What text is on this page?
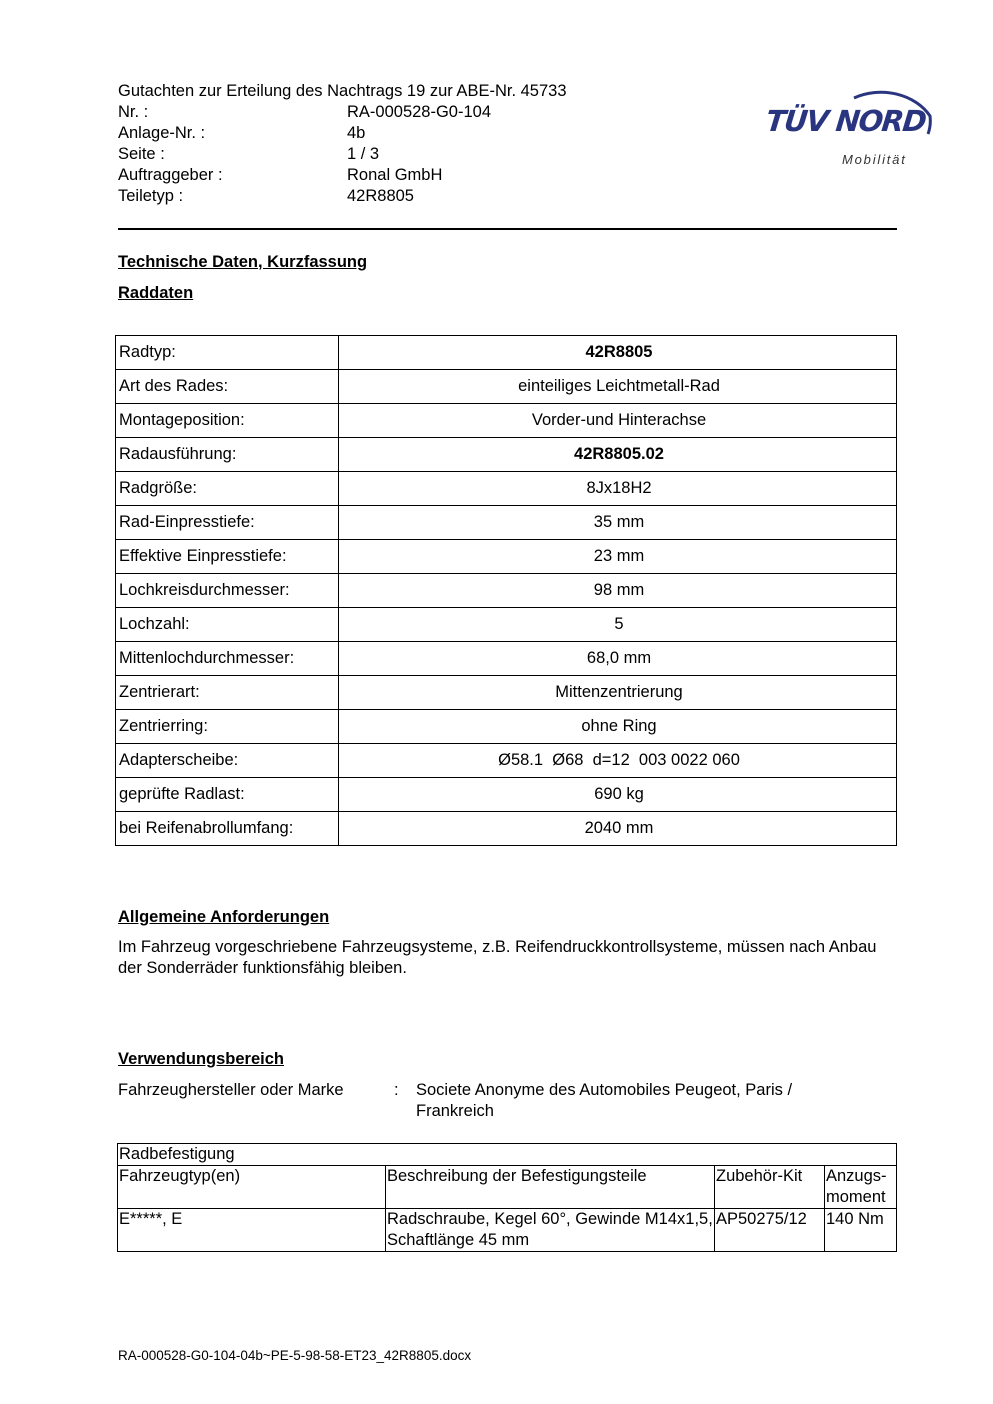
Gutachten zur Erteilung des Nachtrags 19 zur ABE-Nr. 45733
Nr. :	RA-000528-G0-104
Anlage-Nr. :	4b
Seite :	1 / 3
Auftraggeber :	Ronal GmbH
Teiletyp :	42R8805
TÜV NORD
Mobilität
Technische Daten, Kurzfassung
Raddaten
Radtyp:	42R8805
Art des Rades:	einteiliges Leichtmetall-Rad
Montageposition:	Vorder-und Hinterachse
Radausführung:	42R8805.02
Radgröße:	8Jx18H2
Rad-Einpresstiefe:	35 mm
Effektive Einpresstiefe:	23 mm
Lochkreisdurchmesser:	98 mm
Lochzahl:	5
Mittenlochdurchmesser:	68,0 mm
Zentrierart:	Mittenzentrierung
Zentrierring:	ohne Ring
Adapterscheibe:	Ø58.1  Ø68  d=12  003 0022 060
geprüfte Radlast:	690 kg
bei Reifenabrollumfang:	2040 mm
Allgemeine Anforderungen
Im Fahrzeug vorgeschriebene Fahrzeugsysteme, z.B. Reifendruckkontrollsysteme, müssen nach Anbau der Sonderräder funktionsfähig bleiben.
Verwendungsbereich
Fahrzeughersteller oder Marke	:	Societe Anonyme des Automobiles Peugeot, Paris / Frankreich
Radbefestigung			
Fahrzeugtyp(en)	Beschreibung der Befestigungsteile	Zubehör-Kit	Anzugs-moment
E*****, E	Radschraube, Kegel 60°, Gewinde M14x1,5, Schaftlänge 45 mm	AP50275/12	140 Nm
RA-000528-G0-104-04b~PE-5-98-58-ET23_42R8805.docx
